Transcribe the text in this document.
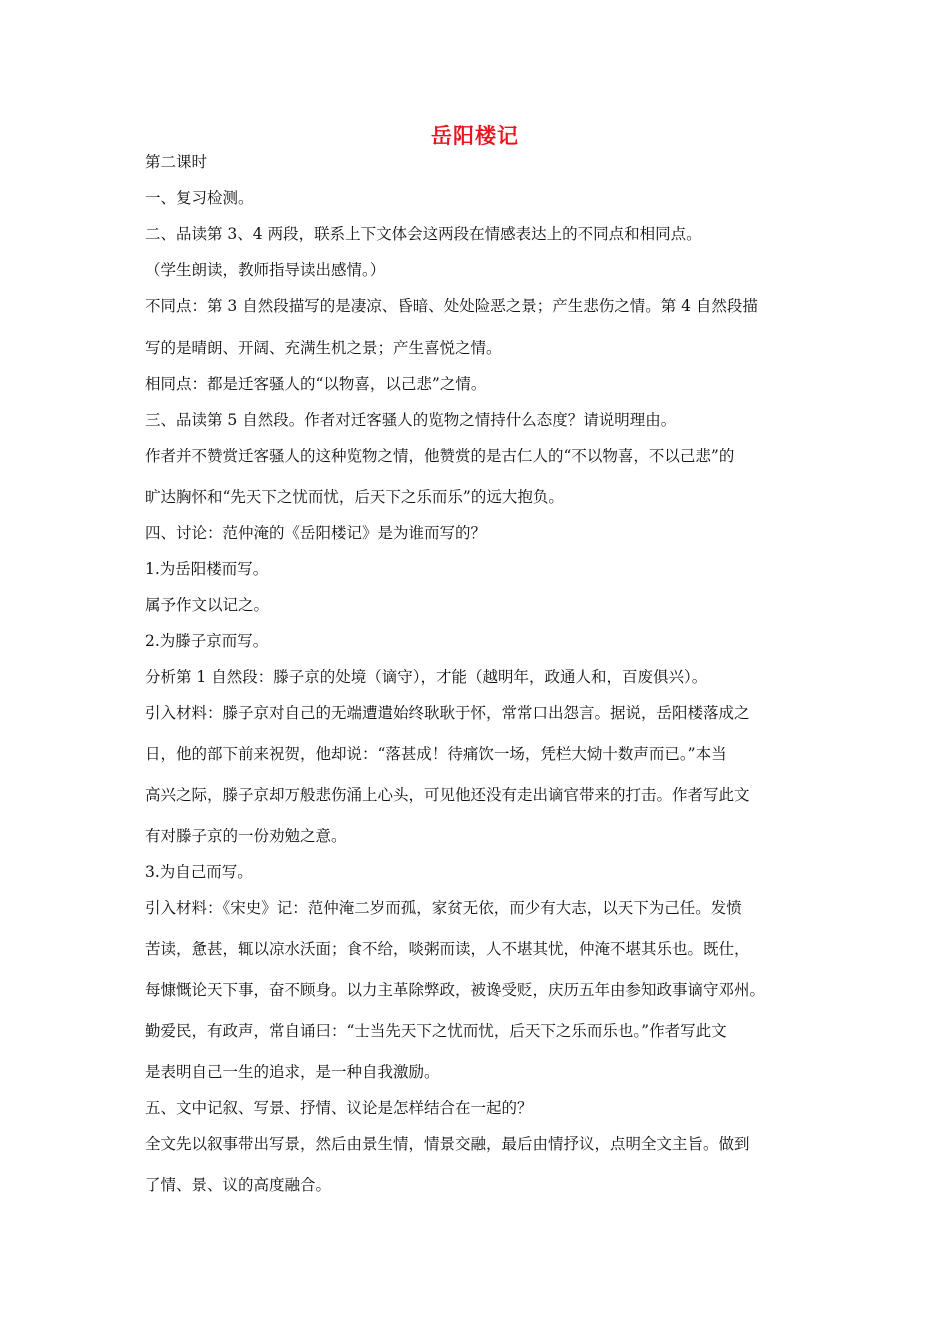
岳阳楼记
第二课时
一、复习检测。
二、品读第 3、4 两段，联系上下文体会这两段在情感表达上的不同点和相同点。
（学生朗读，教师指导读出感情。）
不同点：第 3 自然段描写的是凄凉、昏暗、处处险恶之景；产生悲伤之情。第 4 自然段描
写的是晴朗、开阔、充满生机之景；产生喜悦之情。
相同点：都是迁客骚人的“以物喜，以己悲”之情。
三、品读第 5 自然段。作者对迁客骚人的览物之情持什么态度？请说明理由。
作者并不赞赏迁客骚人的这种览物之情，他赞赏的是古仁人的“不以物喜，不以己悲”的
旷达胸怀和“先天下之忧而忧，后天下之乐而乐”的远大抱负。
四、讨论：范仲淹的《岳阳楼记》是为谁而写的？
1.为岳阳楼而写。
属予作文以记之。
2.为滕子京而写。
分析第 1 自然段：滕子京的处境（谪守），才能（越明年，政通人和，百废俱兴）。
引入材料：滕子京对自己的无端遭遣始终耿耿于怀，常常口出怨言。据说，岳阳楼落成之
日，他的部下前来祝贺，他却说：“落甚成！待痛饮一场，凭栏大恸十数声而已。”本当
高兴之际，滕子京却万般悲伤涌上心头，可见他还没有走出谪官带来的打击。作者写此文
有对滕子京的一份劝勉之意。
3.为自己而写。
引入材料：《宋史》记：范仲淹二岁而孤，家贫无依，而少有大志，以天下为己任。发愤
苦读，惫甚，辄以凉水沃面；食不给，啖粥而读，人不堪其忧，仲淹不堪其乐也。既仕，
每慷慨论天下事，奋不顾身。以力主革除弊政，被谗受贬，庆历五年由参知政事谪守邓州。
勤爱民，有政声，常自诵曰：“士当先天下之忧而忧，后天下之乐而乐也。”作者写此文
是表明自己一生的追求，是一种自我激励。
五、文中记叙、写景、抒情、议论是怎样结合在一起的？
全文先以叙事带出写景，然后由景生情，情景交融，最后由情抒议，点明全文主旨。做到
了情、景、议的高度融合。
